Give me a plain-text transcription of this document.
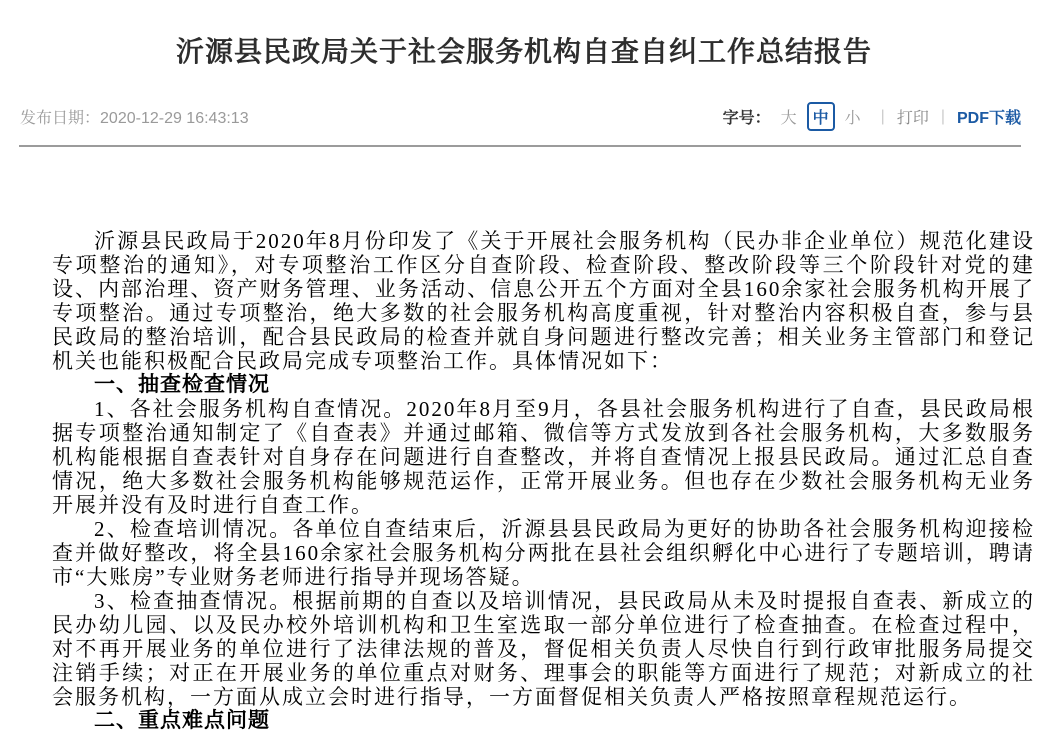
沂源县民政局关于社会服务机构自查自纠工作总结报告
发布日期：2020-12-29 16:43:13	字号： 大	中	小	| 打印 | PDF下载

沂源县民政局于2020年8月份印发了《关于开展社会服务机构（民办非企业单位）规范化建设专项整治的通知》，对专项整治工作区分自查阶段、检查阶段、整改阶段等三个阶段针对党的建设、内部治理、资产财务管理、业务活动、信息公开五个方面对全县160余家社会服务机构开展了专项整治。通过专项整治，绝大多数的社会服务机构高度重视，针对整治内容积极自查，参与县民政局的整治培训，配合县民政局的检查并就自身问题进行整改完善；相关业务主管部门和登记机关也能积极配合民政局完成专项整治工作。具体情况如下：

一、抽查检查情况

1、各社会服务机构自查情况。2020年8月至9月，各县社会服务机构进行了自查，县民政局根据专项整治通知制定了《自查表》并通过邮箱、微信等方式发放到各社会服务机构，大多数服务机构能根据自查表针对自身存在问题进行自查整改，并将自查情况上报县民政局。通过汇总自查情况，绝大多数社会服务机构能够规范运作，正常开展业务。但也存在少数社会服务机构无业务开展并没有及时进行自查工作。

2、检查培训情况。各单位自查结束后，沂源县县民政局为更好的协助各社会服务机构迎接检查并做好整改，将全县160余家社会服务机构分两批在县社会组织孵化中心进行了专题培训，聘请市“大账房”专业财务老师进行指导并现场答疑。

3、检查抽查情况。根据前期的自查以及培训情况，县民政局从未及时提报自查表、新成立的民办幼儿园、以及民办校外培训机构和卫生室选取一部分单位进行了检查抽查。在检查过程中，对不再开展业务的单位进行了法律法规的普及，督促相关负责人尽快自行到行政审批服务局提交注销手续；对正在开展业务的单位重点对财务、理事会的职能等方面进行了规范；对新成立的社会服务机构，一方面从成立会时进行指导，一方面督促相关负责人严格按照章程规范运行。

二、重点难点问题
